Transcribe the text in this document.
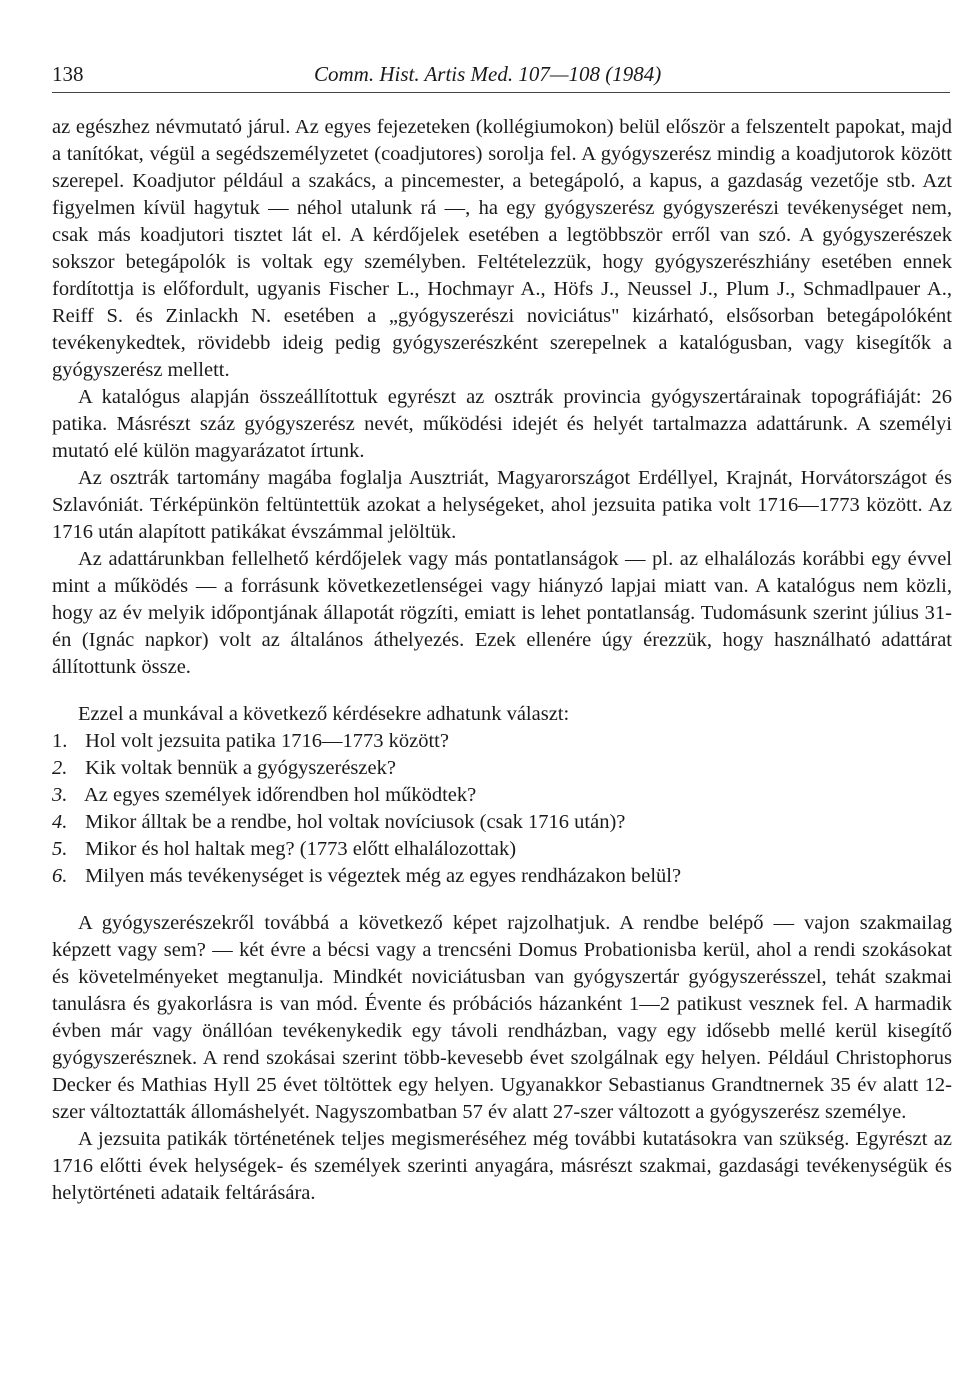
138	Comm. Hist. Artis Med. 107—108 (1984)

az egészhez névmutató járul. Az egyes fejezeteken (kollégiumokon) belül először a felszentelt papokat, majd a tanítókat, végül a segédszemélyzetet (coadjutores) sorolja fel. A gyógyszerész mindig a koadjutorok között szerepel. Koadjutor például a szakács, a pincemester, a betegápoló, a kapus, a gazdaság vezetője stb. Azt figyelmen kívül hagytuk — néhol utalunk rá —, ha egy gyógyszerész gyógyszerészi tevékenységet nem, csak más koadjutori tisztet lát el. A kérdőjelek esetében a legtöbbször erről van szó. A gyógyszerészek sokszor betegápolók is voltak egy személyben. Feltételezzük, hogy gyógyszerészhiány esetében ennek fordítottja is előfordult, ugyanis Fischer L., Hochmayr A., Höfs J., Neussel J., Plum J., Schmadlpauer A., Reiff S. és Zinlackh N. esetében a „gyógyszerészi noviciátus" kizárható, elsősorban betegápolóként tevékenykedtek, rövidebb ideig pedig gyógyszerészként szerepelnek a katalógusban, vagy kisegítők a gyógyszerész mellett.

A katalógus alapján összeállítottuk egyrészt az osztrák provincia gyógyszertárainak topográfiáját: 26 patika. Másrészt száz gyógyszerész nevét, működési idejét és helyét tartalmazza adattárunk. A személyi mutató elé külön magyarázatot írtunk.

Az osztrák tartomány magába foglalja Ausztriát, Magyarországot Erdéllyel, Krajnát, Horvátországot és Szlavóniát. Térképünkön feltüntettük azokat a helységeket, ahol jezsuita patika volt 1716—1773 között. Az 1716 után alapított patikákat évszámmal jelöltük.

Az adattárunkban fellelhető kérdőjelek vagy más pontatlanságok — pl. az elhalálozás korábbi egy évvel mint a működés — a forrásunk következetlenségei vagy hiányzó lapjai miatt van. A katalógus nem közli, hogy az év melyik időpontjának állapotát rögzíti, emiatt is lehet pontatlanság. Tudomásunk szerint július 31-én (Ignác napkor) volt az általános áthelyezés. Ezek ellenére úgy érezzük, hogy használható adattárat állítottunk össze.

Ezzel a munkával a következő kérdésekre adhatunk választ:

1. Hol volt jezsuita patika 1716—1773 között?
2. Kik voltak bennük a gyógyszerészek?
3. Az egyes személyek időrendben hol működtek?
4. Mikor álltak be a rendbe, hol voltak novíciusok (csak 1716 után)?
5. Mikor és hol haltak meg? (1773 előtt elhalálozottak)
6. Milyen más tevékenységet is végeztek még az egyes rendházakon belül?

A gyógyszerészekről továbbá a következő képet rajzolhatjuk. A rendbe belépő — vajon szakmailag képzett vagy sem? — két évre a bécsi vagy a trencséni Domus Probationisba kerül, ahol a rendi szokásokat és követelményeket megtanulja. Mindkét noviciátusban van gyógyszertár gyógyszerésszel, tehát szakmai tanulásra és gyakorlásra is van mód. Évente és próbációs házanként 1—2 patikust vesznek fel. A harmadik évben már vagy önállóan tevékenykedik egy távoli rendházban, vagy egy idősebb mellé kerül kisegítő gyógyszerésznek. A rend szokásai szerint több-kevesebb évet szolgálnak egy helyen. Például Christophorus Decker és Mathias Hyll 25 évet töltöttek egy helyen. Ugyanakkor Sebastianus Grandtnernek 35 év alatt 12-szer változtatták állomáshelyét. Nagyszombatban 57 év alatt 27-szer változott a gyógyszerész személye.

A jezsuita patikák történetének teljes megismeréséhez még további kutatásokra van szükség. Egyrészt az 1716 előtti évek helységek- és személyek szerinti anyagára, másrészt szakmai, gazdasági tevékenységük és helytörténeti adataik feltárására.
